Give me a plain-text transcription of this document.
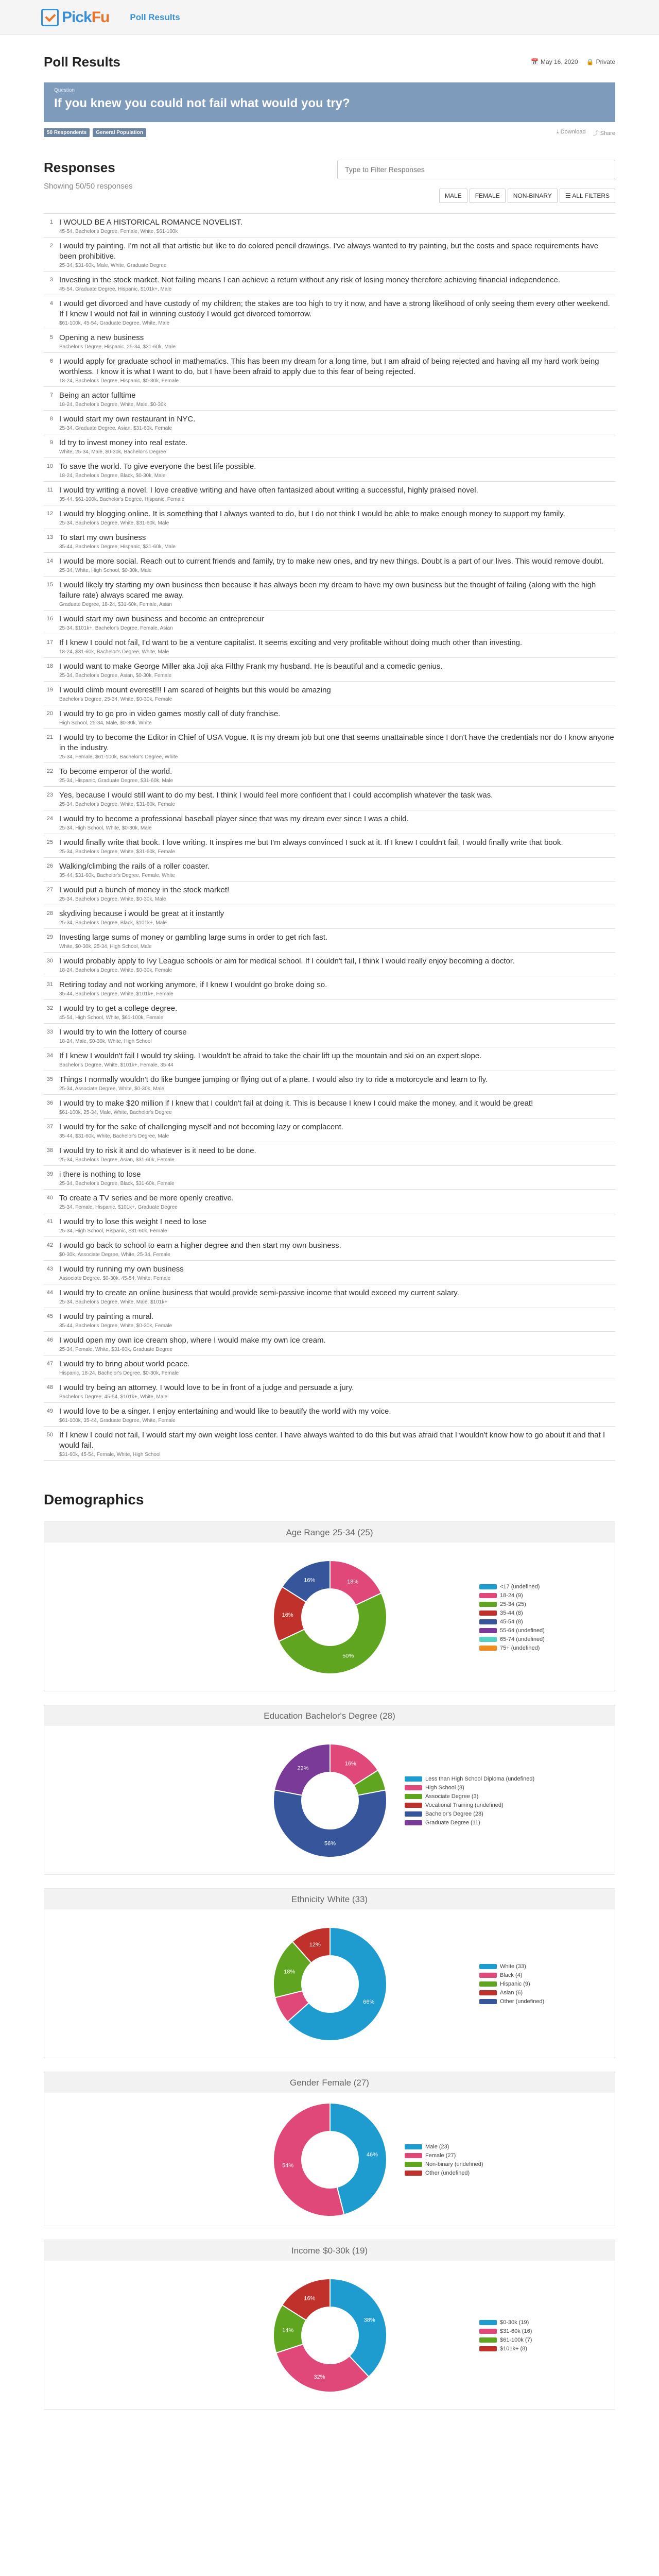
PickFu Poll Results
Poll Results	📅 May 16, 2020 🔒 Private
Question
If you knew you could not fail what would you try?
50 Respondents	General Population	⤓ Download ⤴ Share
Responses
Showing 50/50 responses
Type to Filter Responses
MALE	FEMALE	NON-BINARY	☰ ALL FILTERS
1 I WOULD BE A HISTORICAL ROMANCE NOVELIST.
45-54, Bachelor's Degree, Female, White, $61-100k
2 I would try painting. I'm not all that artistic but like to do colored pencil drawings. I've always wanted to try painting, but the costs and space requirements have been prohibitive.
25-34, $31-60k, Male, White, Graduate Degree
3 Investing in the stock market. Not failing means I can achieve a return without any risk of losing money therefore achieving financial independence.
45-54, Graduate Degree, Hispanic, $101k+, Male
4 I would get divorced and have custody of my children; the stakes are too high to try it now, and have a strong likelihood of only seeing them every other weekend. If I knew I would not fail in winning custody I would get divorced tomorrow.
$61-100k, 45-54, Graduate Degree, White, Male
5 Opening a new business
Bachelor's Degree, Hispanic, 25-34, $31-60k, Male
6 I would apply for graduate school in mathematics. This has been my dream for a long time, but I am afraid of being rejected and having all my hard work being worthless. I know it is what I want to do, but I have been afraid to apply due to this fear of being rejected.
18-24, Bachelor's Degree, Hispanic, $0-30k, Female
7 Being an actor fulltime
18-24, Bachelor's Degree, White, Male, $0-30k
8 I would start my own restaurant in NYC.
25-34, Graduate Degree, Asian, $31-60k, Female
9 Id try to invest money into real estate.
White, 25-34, Male, $0-30k, Bachelor's Degree
10 To save the world. To give everyone the best life possible.
18-24, Bachelor's Degree, Black, $0-30k, Male
11 I would try writing a novel. I love creative writing and have often fantasized about writing a successful, highly praised novel.
35-44, $61-100k, Bachelor's Degree, Hispanic, Female
12 I would try blogging online. It is something that I always wanted to do, but I do not think I would be able to make enough money to support my family.
25-34, Bachelor's Degree, White, $31-60k, Male
13 To start my own business
35-44, Bachelor's Degree, Hispanic, $31-60k, Male
14 I would be more social. Reach out to current friends and family, try to make new ones, and try new things. Doubt is a part of our lives. This would remove doubt.
25-34, White, High School, $0-30k, Male
15 I would likely try starting my own business then because it has always been my dream to have my own business but the thought of failing (along with the high failure rate) always scared me away.
Graduate Degree, 18-24, $31-60k, Female, Asian
16 I would start my own business and become an entrepreneur
25-34, $101k+, Bachelor's Degree, Female, Asian
17 If I knew I could not fail, I'd want to be a venture capitalist. It seems exciting and very profitable without doing much other than investing.
18-24, $31-60k, Bachelor's Degree, White, Male
18 I would want to make George Miller aka Joji aka Filthy Frank my husband. He is beautiful and a comedic genius.
25-34, Bachelor's Degree, Asian, $0-30k, Female
19 I would climb mount everest!!! I am scared of heights but this would be amazing
Bachelor's Degree, 25-34, White, $0-30k, Female
20 I would try to go pro in video games mostly call of duty franchise.
High School, 25-34, Male, $0-30k, White
21 I would try to become the Editor in Chief of USA Vogue. It is my dream job but one that seems unattainable since I don't have the credentials nor do I know anyone in the industry.
25-34, Female, $61-100k, Bachelor's Degree, White
22 To become emperor of the world.
25-34, Hispanic, Graduate Degree, $31-60k, Male
23 Yes, because I would still want to do my best. I think I would feel more confident that I could accomplish whatever the task was.
25-34, Bachelor's Degree, White, $31-60k, Female
24 I would try to become a professional baseball player since that was my dream ever since I was a child.
25-34, High School, White, $0-30k, Male
25 I would finally write that book. I love writing. It inspires me but I'm always convinced I suck at it. If I knew I couldn't fail, I would finally write that book.
25-34, Bachelor's Degree, White, $31-60k, Female
26 Walking/climbing the rails of a roller coaster.
35-44, $31-60k, Bachelor's Degree, Female, White
27 I would put a bunch of money in the stock market!
25-34, Bachelor's Degree, White, $0-30k, Male
28 skydiving because i would be great at it instantly
25-34, Bachelor's Degree, Black, $101k+, Male
29 Investing large sums of money or gambling large sums in order to get rich fast.
White, $0-30k, 25-34, High School, Male
30 I would probably apply to Ivy League schools or aim for medical school. If I couldn't fail, I think I would really enjoy becoming a doctor.
18-24, Bachelor's Degree, White, $0-30k, Female
31 Retiring today and not working anymore, if I knew I wouldnt go broke doing so.
35-44, Bachelor's Degree, White, $101k+, Female
32 I would try to get a college degree.
45-54, High School, White, $61-100k, Female
33 I would try to win the lottery of course
18-24, Male, $0-30k, White, High School
34 If I knew I wouldn't fail I would try skiing. I wouldn't be afraid to take the chair lift up the mountain and ski on an expert slope.
Bachelor's Degree, White, $101k+, Female, 35-44
35 Things I normally wouldn't do like bungee jumping or flying out of a plane. I would also try to ride a motorcycle and learn to fly.
25-34, Associate Degree, White, $0-30k, Male
36 I would try to make $20 million if I knew that I couldn't fail at doing it. This is because I knew I could make the money, and it would be great!
$61-100k, 25-34, Male, White, Bachelor's Degree
37 I would try for the sake of challenging myself and not becoming lazy or complacent.
35-44, $31-60k, White, Bachelor's Degree, Male
38 I would try to risk it and do whatever is it need to be done.
25-34, Bachelor's Degree, Asian, $31-60k, Female
39 i there is nothing to lose
25-34, Bachelor's Degree, Black, $31-60k, Female
40 To create a TV series and be more openly creative.
25-34, Female, Hispanic, $101k+, Graduate Degree
41 I would try to lose this weight I need to lose
25-34, High School, Hispanic, $31-60k, Female
42 I would go back to school to earn a higher degree and then start my own business.
$0-30k, Associate Degree, White, 25-34, Female
43 I would try running my own business
Associate Degree, $0-30k, 45-54, White, Female
44 I would try to create an online business that would provide semi-passive income that would exceed my current salary.
25-34, Bachelor's Degree, White, Male, $101k+
45 I would try painting a mural.
35-44, Bachelor's Degree, White, $0-30k, Female
46 I would open my own ice cream shop, where I would make my own ice cream.
25-34, Female, White, $31-60k, Graduate Degree
47 I would try to bring about world peace.
Hispanic, 18-24, Bachelor's Degree, $0-30k, Female
48 I would try being an attorney. I would love to be in front of a judge and persuade a jury.
Bachelor's Degree, 45-54, $101k+, White, Male
49 I would love to be a singer. I enjoy entertaining and would like to beautify the world with my voice.
$61-100k, 35-44, Graduate Degree, White, Female
50 If I knew I could not fail, I would start my own weight loss center. I have always wanted to do this but was afraid that I wouldn't know how to go about it and that I would fail.
$31-60k, 45-54, Female, White, High School
Demographics
Age Range 25-34 (25)
18%
50%
16%
16%
<17 (undefined)
18-24 (9)
25-34 (25)
35-44 (8)
45-54 (8)
55-64 (undefined)
65-74 (undefined)
75+ (undefined)
Education Bachelor's Degree (28)
16%
56%
22%
Less than High School Diploma (undefined)
High School (8)
Associate Degree (3)
Vocational Training (undefined)
Bachelor's Degree (28)
Graduate Degree (11)
Ethnicity White (33)
66%
18%
12%
White (33)
Black (4)
Hispanic (9)
Asian (6)
Other (undefined)
Gender Female (27)
46%
54%
Male (23)
Female (27)
Non-binary (undefined)
Other (undefined)
Income $0-30k (19)
38%
32%
14%
16%
$0-30k (19)
$31-60k (16)
$61-100k (7)
$101k+ (8)
